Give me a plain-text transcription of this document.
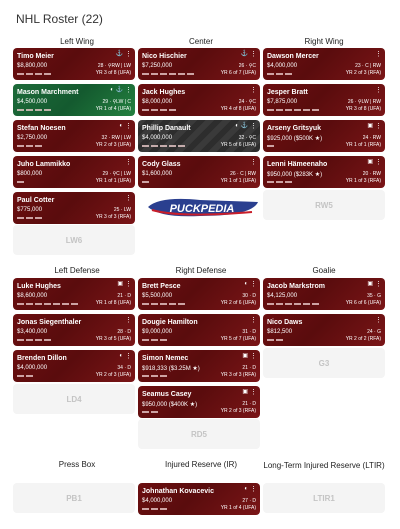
NHL Roster (22)
Left Wing	Center	Right Wing
Timo Meier
$8,800,000	28 · ⚲RW | LW
YR 3 of 8 (UFA)
⚓ ⋮
Mason Marchment
$4,500,000	29 · ⚲LW | C
YR 1 of 4 (UFA)
◐ ⚓ ⋮
Stefan Noesen
$2,750,000	32 · RW | LW
YR 2 of 3 (UFA)
◐ ⋮
Juho Lammikko
$800,000	29 · ⚲C | LW
YR 1 of 1 (UFA)
⋮
Paul Cotter
$775,000	25 · LW
YR 3 of 3 (RFA)
⋮
LW6
Nico Hischier
$7,250,000	26 · ⚲C
YR 6 of 7 (UFA)
⚓ ⋮
Jack Hughes
$8,000,000	24 · ⚲C
YR 4 of 8 (UFA)
⋮
Phillip Danault
$4,000,000	32 · ⚲C
YR 5 of 6 (UFA)
◐ ⚓ ⋮
Cody Glass
$1,600,000	26 · C | RW
YR 1 of 1 (UFA)
⋮
PUCKPEDIA
Dawson Mercer
$4,000,000	23 · C | RW
YR 2 of 3 (RFA)
⋮
Jesper Bratt
$7,875,000	26 · ⚲LW | RW
YR 3 of 8 (UFA)
⋮
Arseny Gritsyuk
$925,000 ($500K ★)	24 · RW
YR 1 of 1 (RFA)
▣ ⋮
Lenni Hämeenaho
$950,000 ($283K ★)	20 · RW
YR 1 of 3 (RFA)
▣ ⋮
RW5
Left Defense	Right Defense	Goalie
Luke Hughes
$8,600,000	21 · D
YR 1 of 8 (UFA)
▣ ⋮
Jonas Siegenthaler
$3,400,000	28 · D
YR 3 of 5 (UFA)
⋮
Brenden Dillon
$4,000,000	34 · D
YR 2 of 3 (UFA)
◐ ⋮
LD4
Brett Pesce
$5,500,000	30 · D
YR 2 of 6 (UFA)
◐ ⋮
Dougie Hamilton
$9,000,000	31 · D
YR 5 of 7 (UFA)
⋮
Simon Nemec
$918,333 ($3.25M ★)	21 · D
YR 3 of 3 (RFA)
▣ ⋮
Seamus Casey
$950,000 ($400K ★)	21 · D
YR 2 of 3 (RFA)
▣ ⋮
RD5
Jacob Markstrom
$4,125,000	35 · G
YR 6 of 6 (UFA)
▣ ⋮
Nico Daws
$812,500	24 · G
YR 2 of 2 (RFA)
⋮
G3
Press Box	Injured Reserve (IR)	Long-Term Injured Reserve (LTIR)
PB1
Johnathan Kovacevic
$4,000,000	27 · D
YR 1 of 4 (UFA)
◐ ⋮
LTIR1
